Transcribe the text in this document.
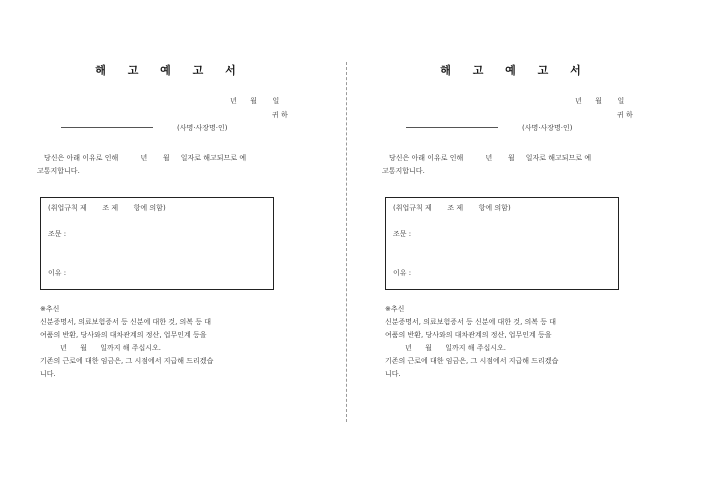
해 고 예 고 서
년      월       일
귀 하
(사명·사장명·인)
당신은 아래 이유로 인해          년       월     일자로 해고되므로 예
고통지합니다.
(취업규칙 제       조 제       항에 의함)
조문 :
이유 :
※추신
신분증명서, 의료보험증서 등 신분에 대한 것, 의복 등 대
여품의 반환, 당사와의 대차관계의 정산, 업무인계 등을
년      월      일까지 해 주십시오.
기존의 근로에 대한 임금은, 그 시점에서 지급해 드리겠습
니다.
해 고 예 고 서
년      월       일
귀 하
(사명·사장명·인)
당신은 아래 이유로 인해          년       월     일자로 해고되므로 예
고통지합니다.
(취업규칙 제       조 제       항에 의함)
조문 :
이유 :
※추신
신분증명서, 의료보험증서 등 신분에 대한 것, 의복 등 대
여품의 반환, 당사와의 대차관계의 정산, 업무인계 등을
년      월      일까지 해 주십시오.
기존의 근로에 대한 임금은, 그 시점에서 지급해 드리겠습
니다.
